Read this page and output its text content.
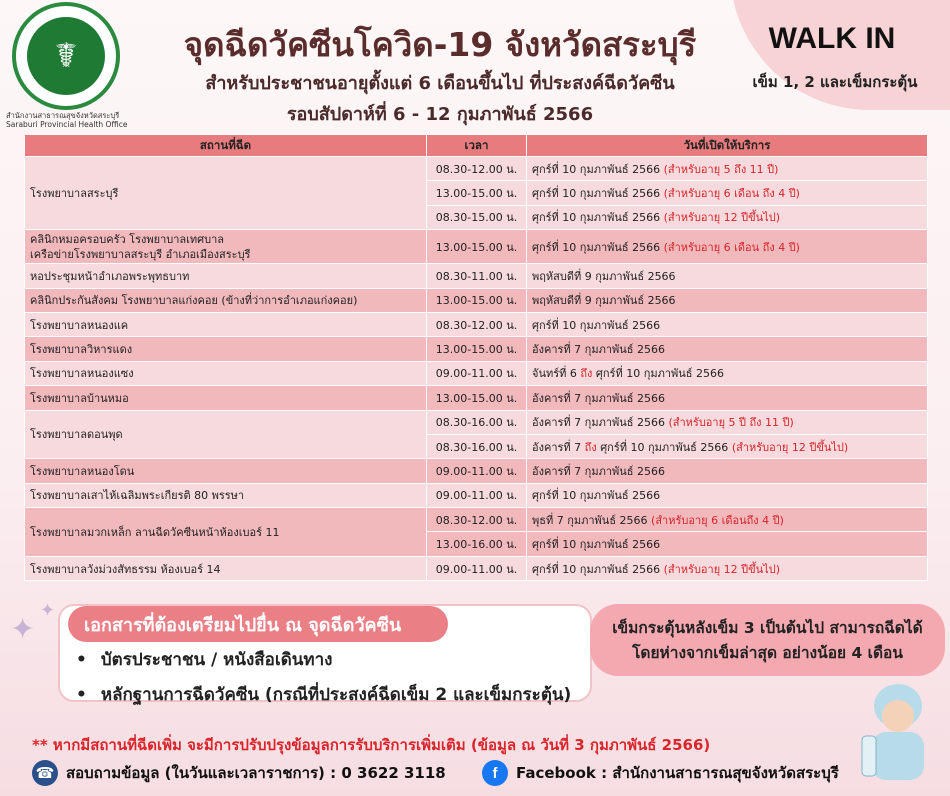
☤
สำนักงานสาธารณสุขจังหวัดสระบุรี
Saraburi Provincial Health Office
จุดฉีดวัคซีนโควิด-19 จังหวัดสระบุรี
สำหรับประชาชนอายุตั้งแต่ 6 เดือนขึ้นไป ที่ประสงค์ฉีดวัคซีน
รอบสัปดาห์ที่ 6 - 12 กุมภาพันธ์ 2566
WALK IN
เข็ม 1, 2 และเข็มกระตุ้น
สถานที่ฉีด	เวลา	วันที่เปิดให้บริการ
โรงพยาบาลสระบุรี	08.30-12.00 น.	ศุกร์ที่ 10 กุมภาพันธ์ 2566 (สำหรับอายุ 5 ถึง 11 ปี)
	13.00-15.00 น.	ศุกร์ที่ 10 กุมภาพันธ์ 2566 (สำหรับอายุ 6 เดือน ถึง 4 ปี)
	08.30-15.00 น.	ศุกร์ที่ 10 กุมภาพันธ์ 2566 (สำหรับอายุ 12 ปีขึ้นไป)

คลินิกหมอครอบครัว โรงพยาบาลเทศบาล
เครือข่ายโรงพยาบาลสระบุรี อำเภอเมืองสระบุรี	13.00-15.00 น.	ศุกร์ที่ 10 กุมภาพันธ์ 2566 (สำหรับอายุ 6 เดือน ถึง 4 ปี)
หอประชุมหน้าอำเภอพระพุทธบาท	08.30-11.00 น.	พฤหัสบดีที่ 9 กุมภาพันธ์ 2566
คลินิกประกันสังคม โรงพยาบาลแก่งคอย (ข้างที่ว่าการอำเภอแก่งคอย)	13.00-15.00 น.	พฤหัสบดีที่ 9 กุมภาพันธ์ 2566
โรงพยาบาลหนองแค	08.30-12.00 น.	ศุกร์ที่ 10 กุมภาพันธ์ 2566
โรงพยาบาลวิหารแดง	13.00-15.00 น.	อังคารที่ 7 กุมภาพันธ์ 2566
โรงพยาบาลหนองแซง	09.00-11.00 น.	จันทร์ที่ 6 ถึง ศุกร์ที่ 10 กุมภาพันธ์ 2566
โรงพยาบาลบ้านหมอ	13.00-15.00 น.	อังคารที่ 7 กุมภาพันธ์ 2566
โรงพยาบาลดอนพุด	08.30-16.00 น.	อังคารที่ 7 กุมภาพันธ์ 2566 (สำหรับอายุ 5 ปี ถึง 11 ปี)
	08.30-16.00 น.	อังคารที่ 7 ถึง ศุกร์ที่ 10 กุมภาพันธ์ 2566 (สำหรับอายุ 12 ปีขึ้นไป)
โรงพยาบาลหนองโดน	09.00-11.00 น.	อังคารที่ 7 กุมภาพันธ์ 2566
โรงพยาบาลเสาไห้เฉลิมพระเกียรติ 80 พรรษา	09.00-11.00 น.	ศุกร์ที่ 10 กุมภาพันธ์ 2566
โรงพยาบาลมวกเหล็ก ลานฉีดวัคซีนหน้าห้องเบอร์ 11	08.30-12.00 น.	พุธที่ 7 กุมภาพันธ์ 2566 (สำหรับอายุ 6 เดือนถึง 4 ปี)
	13.00-16.00 น.	ศุกร์ที่ 10 กุมภาพันธ์ 2566
โรงพยาบาลวังม่วงสัทธรรม ห้องเบอร์ 14	09.00-11.00 น.	ศุกร์ที่ 10 กุมภาพันธ์ 2566 (สำหรับอายุ 12 ปีขึ้นไป)
✦
✦
เอกสารที่ต้องเตรียมไปยื่น ณ จุดฉีดวัคซีน
• บัตรประชาชน / หนังสือเดินทาง
• หลักฐานการฉีดวัคซีน (กรณีที่ประสงค์ฉีดเข็ม 2 และเข็มกระตุ้น)
เข็มกระตุ้นหลังเข็ม 3 เป็นต้นไป สามารถฉีดได้
โดยห่างจากเข็มล่าสุด อย่างน้อย 4 เดือน
** หากมีสถานที่ฉีดเพิ่ม จะมีการปรับปรุงข้อมูลการรับบริการเพิ่มเติม (ข้อมูล ณ วันที่ 3 กุมภาพันธ์ 2566)
☎ สอบถามข้อมูล (ในวันและเวลาราชการ) : 0 3622 3118	f	Facebook : สำนักงานสาธารณสุขจังหวัดสระบุรี
